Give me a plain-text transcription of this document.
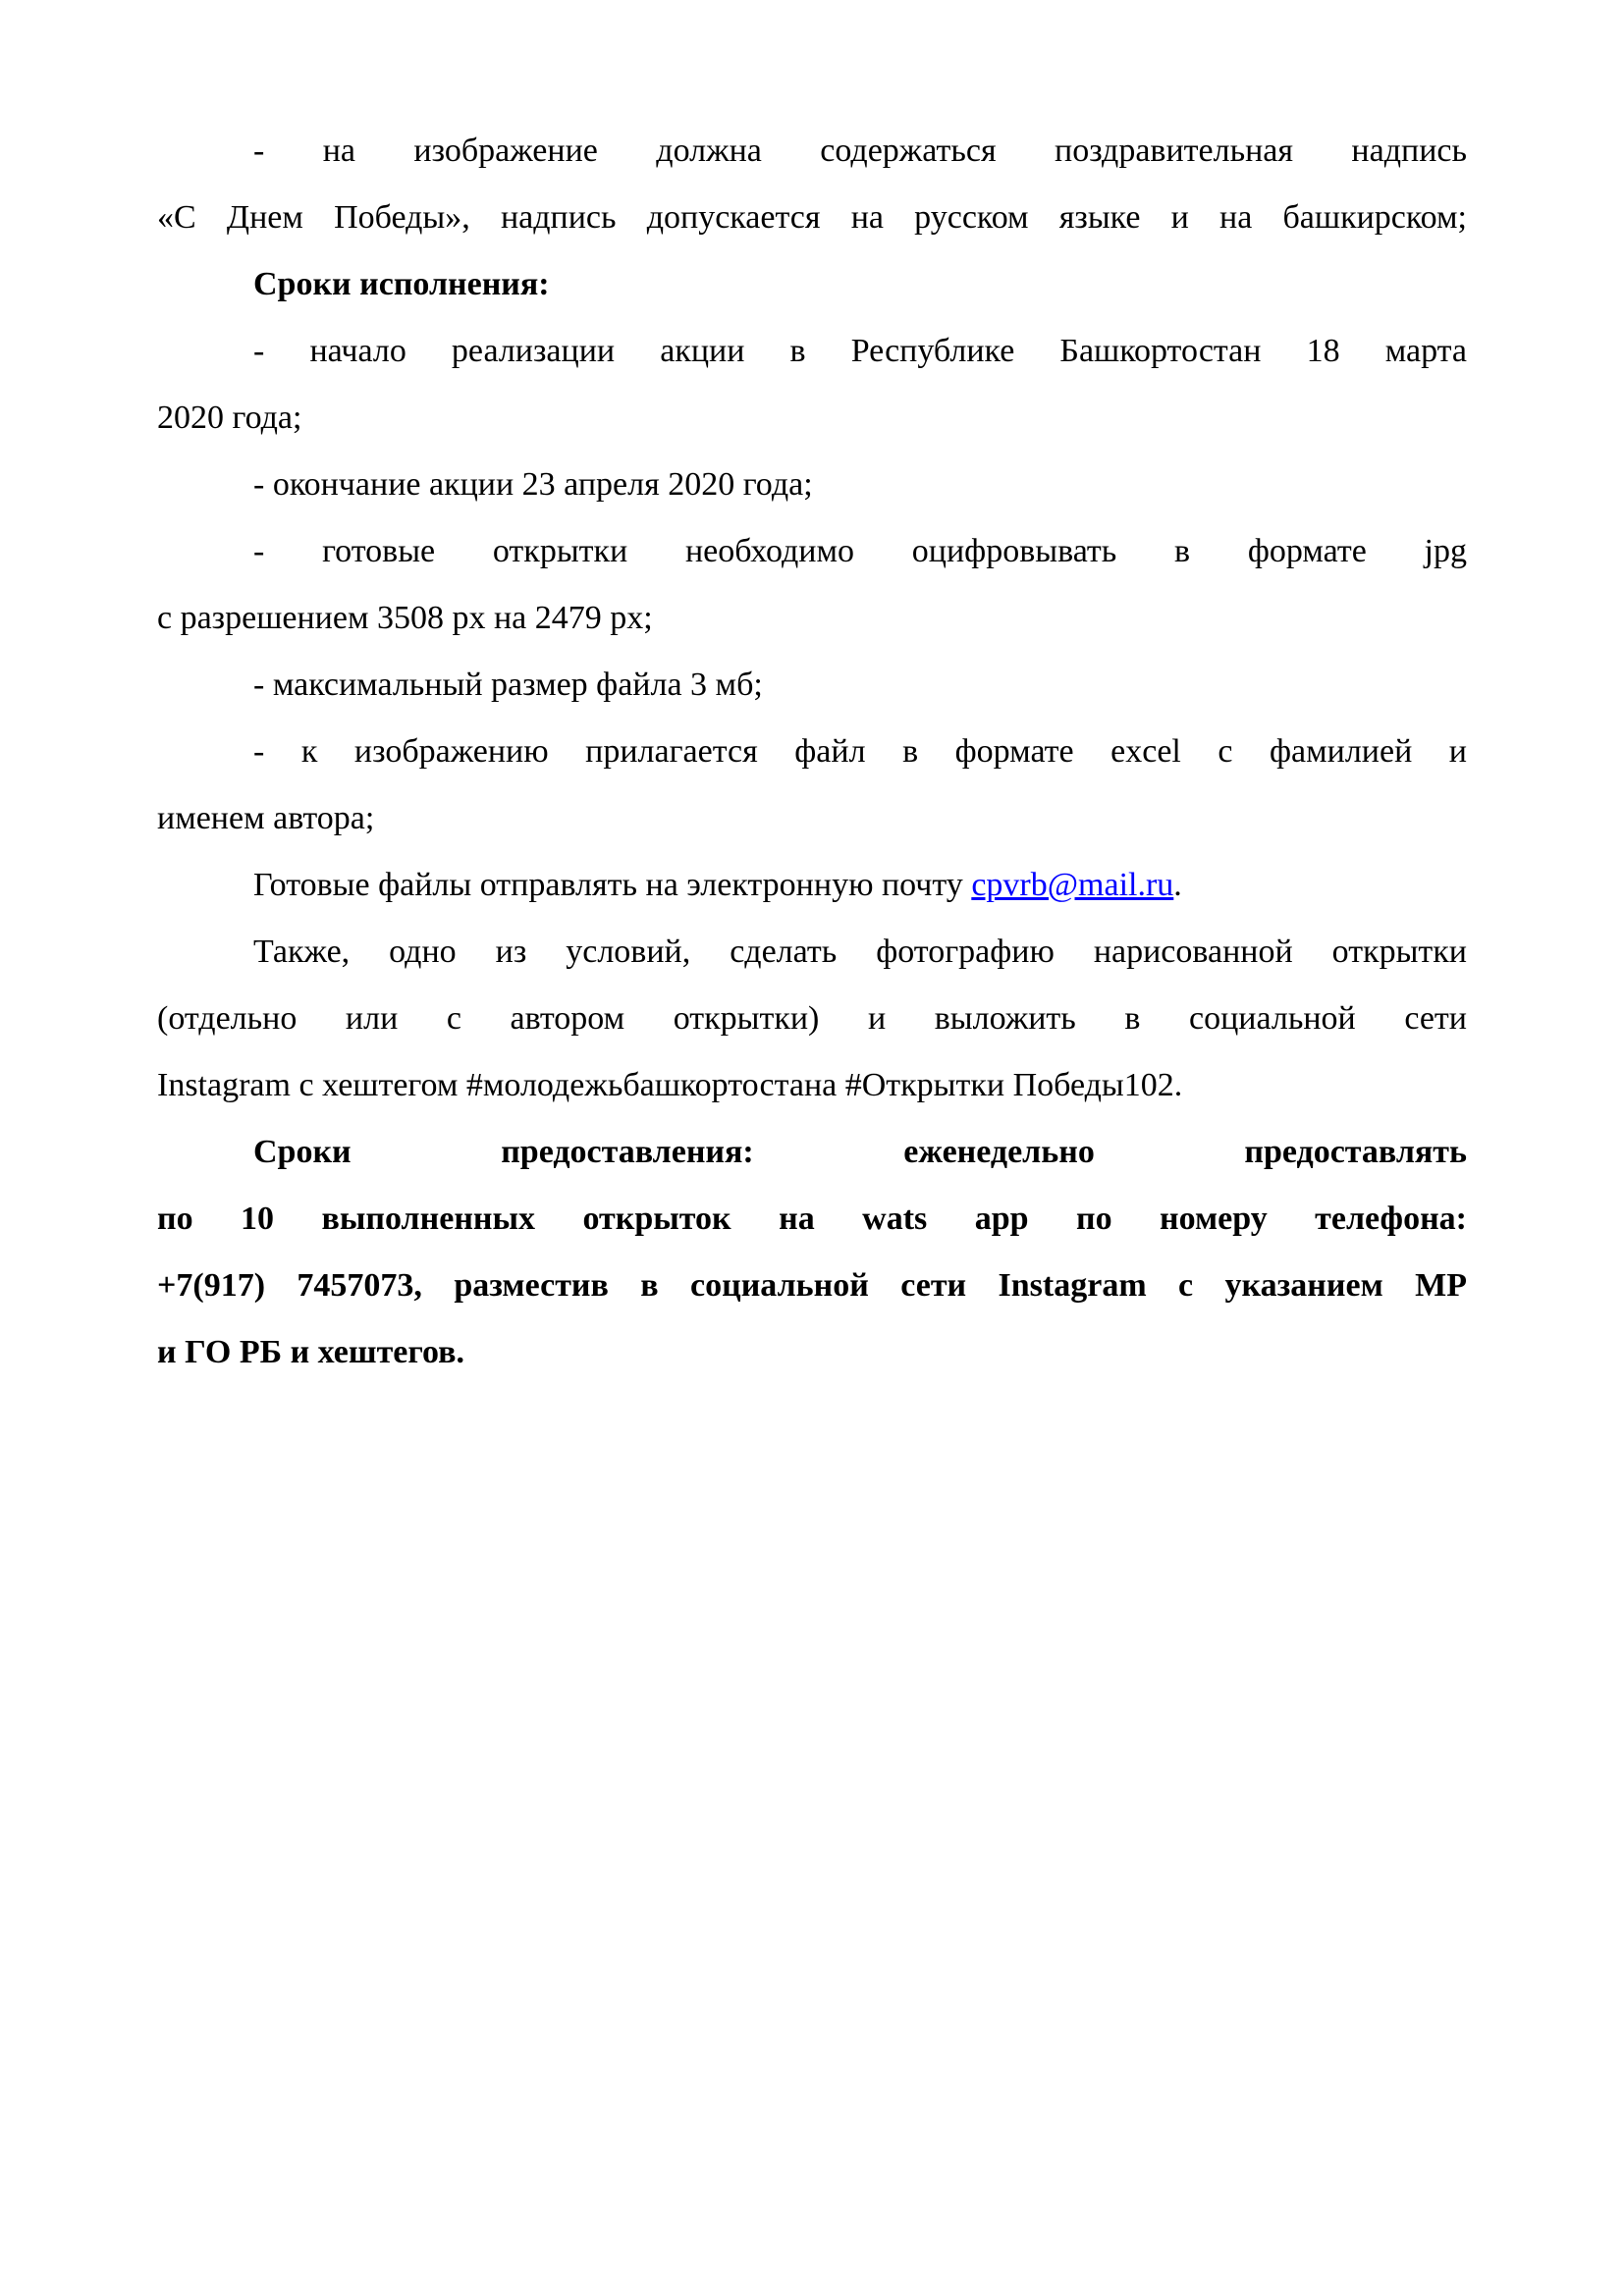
- на изображение должна содержаться поздравительная надпись
«С Днем Победы», надпись допускается на русском языке и на башкирском;
Сроки исполнения:
- начало реализации акции в Республике Башкортостан 18 марта
2020 года;
- окончание акции 23 апреля 2020 года;
- готовые открытки необходимо оцифровывать в формате jpg
с разрешением 3508 px на 2479 px;
- максимальный размер файла 3 мб;
- к изображению прилагается файл в формате excel с фамилией и
именем автора;
Готовые файлы отправлять на электронную почту cpvrb@mail.ru.
Также, одно из условий, сделать фотографию нарисованной открытки
(отдельно или с автором открытки) и выложить в социальной сети
Instagram с хештегом #молодежьбашкортостана #Открытки Победы102.
Сроки предоставления: еженедельно предоставлять
по 10 выполненных открыток на wats app по номеру телефона:
+7(917) 7457073, разместив в социальной сети Instagram с указанием МР
и ГО РБ и хештегов.
